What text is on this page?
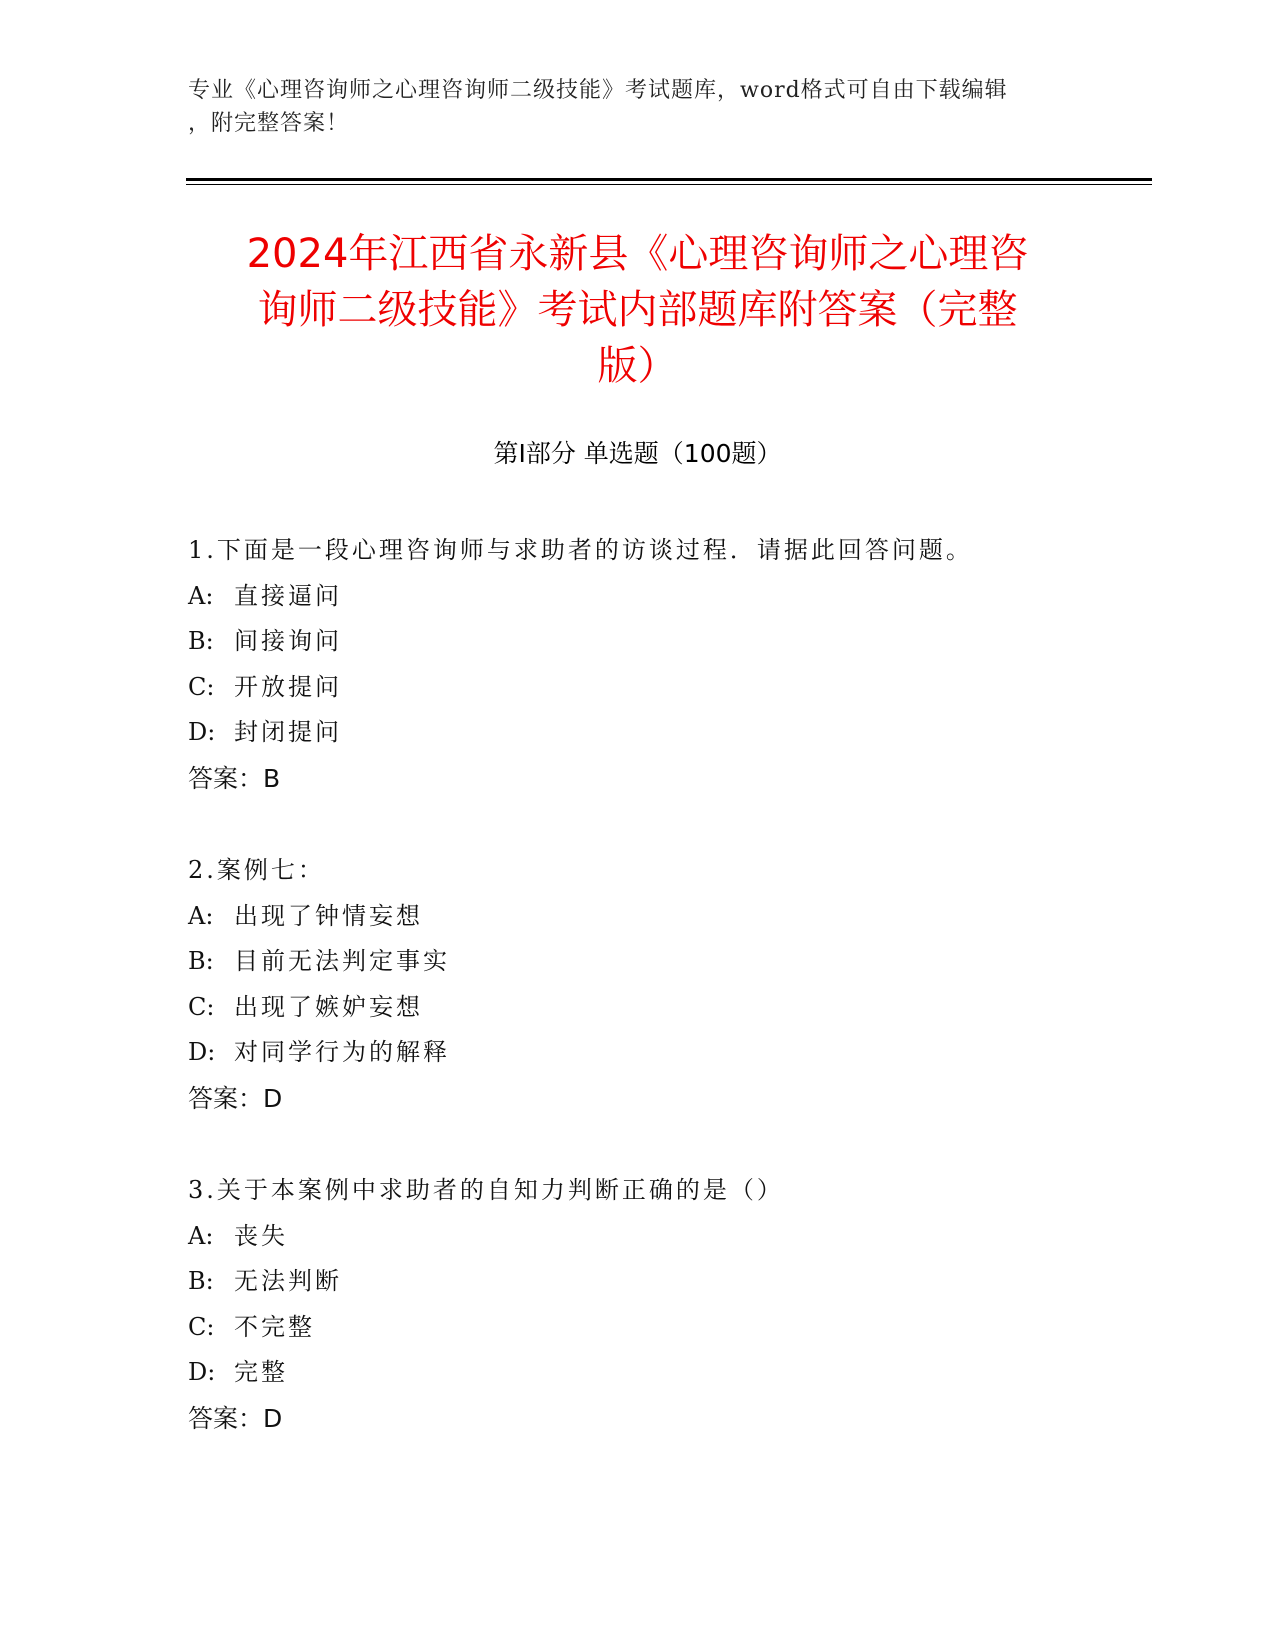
专业《心理咨询师之心理咨询师二级技能》考试题库，word格式可自由下载编辑
，附完整答案！
2024年江西省永新县《心理咨询师之心理咨
询师二级技能》考试内部题库附答案（完整
版）
第Ⅰ部分 单选题（100题）
1.下面是一段心理咨询师与求助者的访谈过程．请据此回答问题。
A: 直接逼问
B: 间接询问
C: 开放提问
D: 封闭提问
答案：B
2.案例七：
A: 出现了钟情妄想
B: 目前无法判定事实
C: 出现了嫉妒妄想
D: 对同学行为的解释
答案：D
3.关于本案例中求助者的自知力判断正确的是（）
A: 丧失
B: 无法判断
C: 不完整
D: 完整
答案：D
